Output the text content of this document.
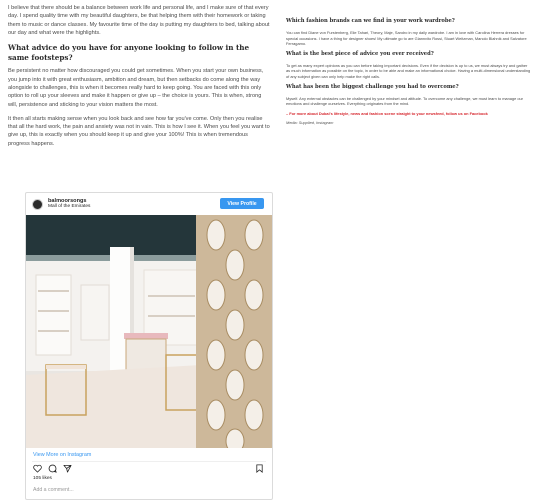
I believe that there should be a balance between work life and personal life, and I make sure of that every day. I spend quality time with my beautiful daughters, be that helping them with their homework or taking them to music or dance classes. My favourite time of the day is putting my daughters to bed, talking about our day and what were the highlights.

What advice do you have for anyone looking to follow in the same footsteps?

Be persistent no matter how discouraged you could get sometimes. When you start your own business, you jump into it with great enthusiasm, ambition and dream, but then setbacks do come along the way alongside to challenges, this is when it becomes really hard to keep going. You are faced with this only option to roll up your sleeves and make it happen or give up – the choice is yours. This is when, strong will, persistence and sticking to your vision matters the most.

It then all starts making sense when you look back and see how far you've come. Only then you realise that all the hard work, the pain and anxiety was not in vain. This is how I see it. When you feel you want to give up, this is exactly when you should keep it up and give your 100%! This is when tremendous progress happens.

balmoorsongs
Mall of the Emirates
View Profile
View More on Instagram
105 likes
Add a comment...
Which fashion brands can we find in your work wardrobe?

You can find Diane von Furstenberg, Elie Tahari, Theory, Maje, Sandro in my daily wardrobe. I am in love with Carolina Herrera dresses for special occasions. I have a thing for designer shoes! My ultimate go to are Giannvito Rossi, Stuart Weitzman, Manolo Blahnik and Salvatore Ferragamo.

What is the best piece of advice you ever received?

To get as many expert opinions as you can before taking important decisions. Even if the decision is up to us, we must always try and gather as much information as possible on the topic, in order to be able and make an informational choice. Having a multi-dimensional understanding of any subject given can only help make the right calls.

What has been the biggest challenge you had to overcome?

Myself. Any external obstacles can be challenged by your mindset and attitude. To overcome any challenge, we must learn to manage our emotions and challenge ourselves. Everything originates from the mind.

– For more about Dubai's lifestyle, news and fashion scene straight to your newsfeed, follow us on Facebook

Media: Supplied, Instagram
